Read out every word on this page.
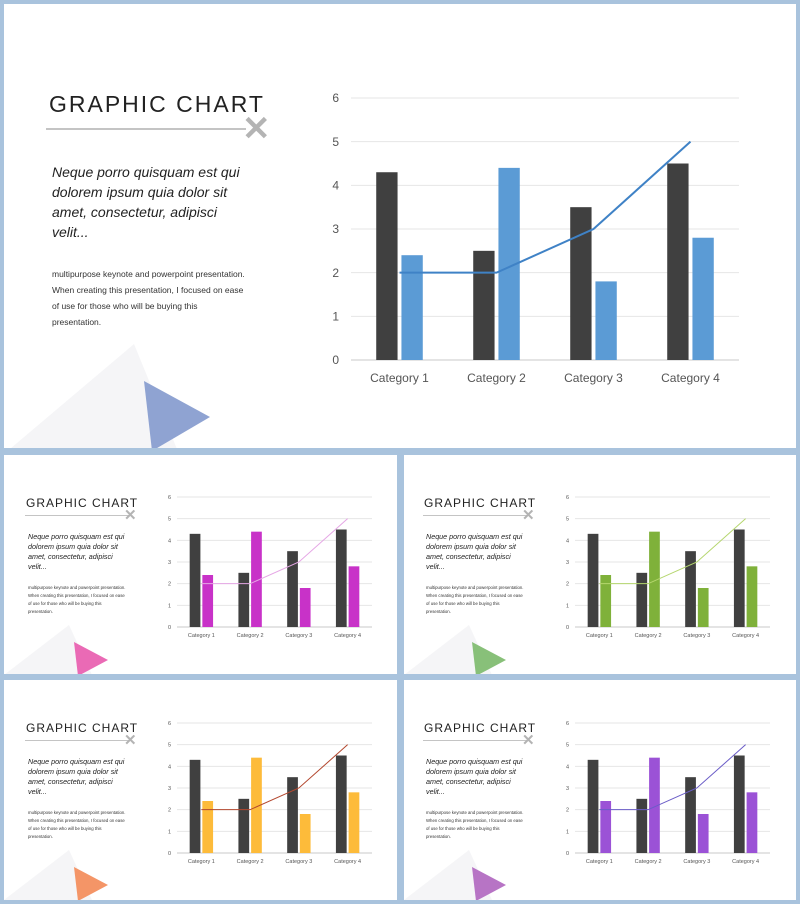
GRAPHIC CHART
✕
Neque porro quisquam est qui dolorem ipsum quia dolor sit amet, consectetur, adipisci velit...
multipurpose keynote and powerpoint presentation. When creating this presentation, I focused on ease of use for those who will be buying this presentation.
0
1
2
3
4
5
6
Category 1	Category 2	Category 3	Category 4
GRAPHIC CHART
✕
Neque porro quisquam est qui dolorem ipsum quia dolor sit amet, consectetur, adipisci velit...
multipurpose keynote and powerpoint presentation. When creating this presentation, I focused on ease of use for those who will be buying this presentation.
0
1
2
3
4
5
6
Category 1	Category 2	Category 3	Category 4
GRAPHIC CHART
✕
Neque porro quisquam est qui dolorem ipsum quia dolor sit amet, consectetur, adipisci velit...
multipurpose keynote and powerpoint presentation. When creating this presentation, I focused on ease of use for those who will be buying this presentation.
0
1
2
3
4
5
6
Category 1	Category 2	Category 3	Category 4
GRAPHIC CHART
✕
Neque porro quisquam est qui dolorem ipsum quia dolor sit amet, consectetur, adipisci velit...
multipurpose keynote and powerpoint presentation. When creating this presentation, I focused on ease of use for those who will be buying this presentation.
0
1
2
3
4
5
6
Category 1	Category 2	Category 3	Category 4
GRAPHIC CHART
✕
Neque porro quisquam est qui dolorem ipsum quia dolor sit amet, consectetur, adipisci velit...
multipurpose keynote and powerpoint presentation. When creating this presentation, I focused on ease of use for those who will be buying this presentation.
0
1
2
3
4
5
6
Category 1	Category 2	Category 3	Category 4
